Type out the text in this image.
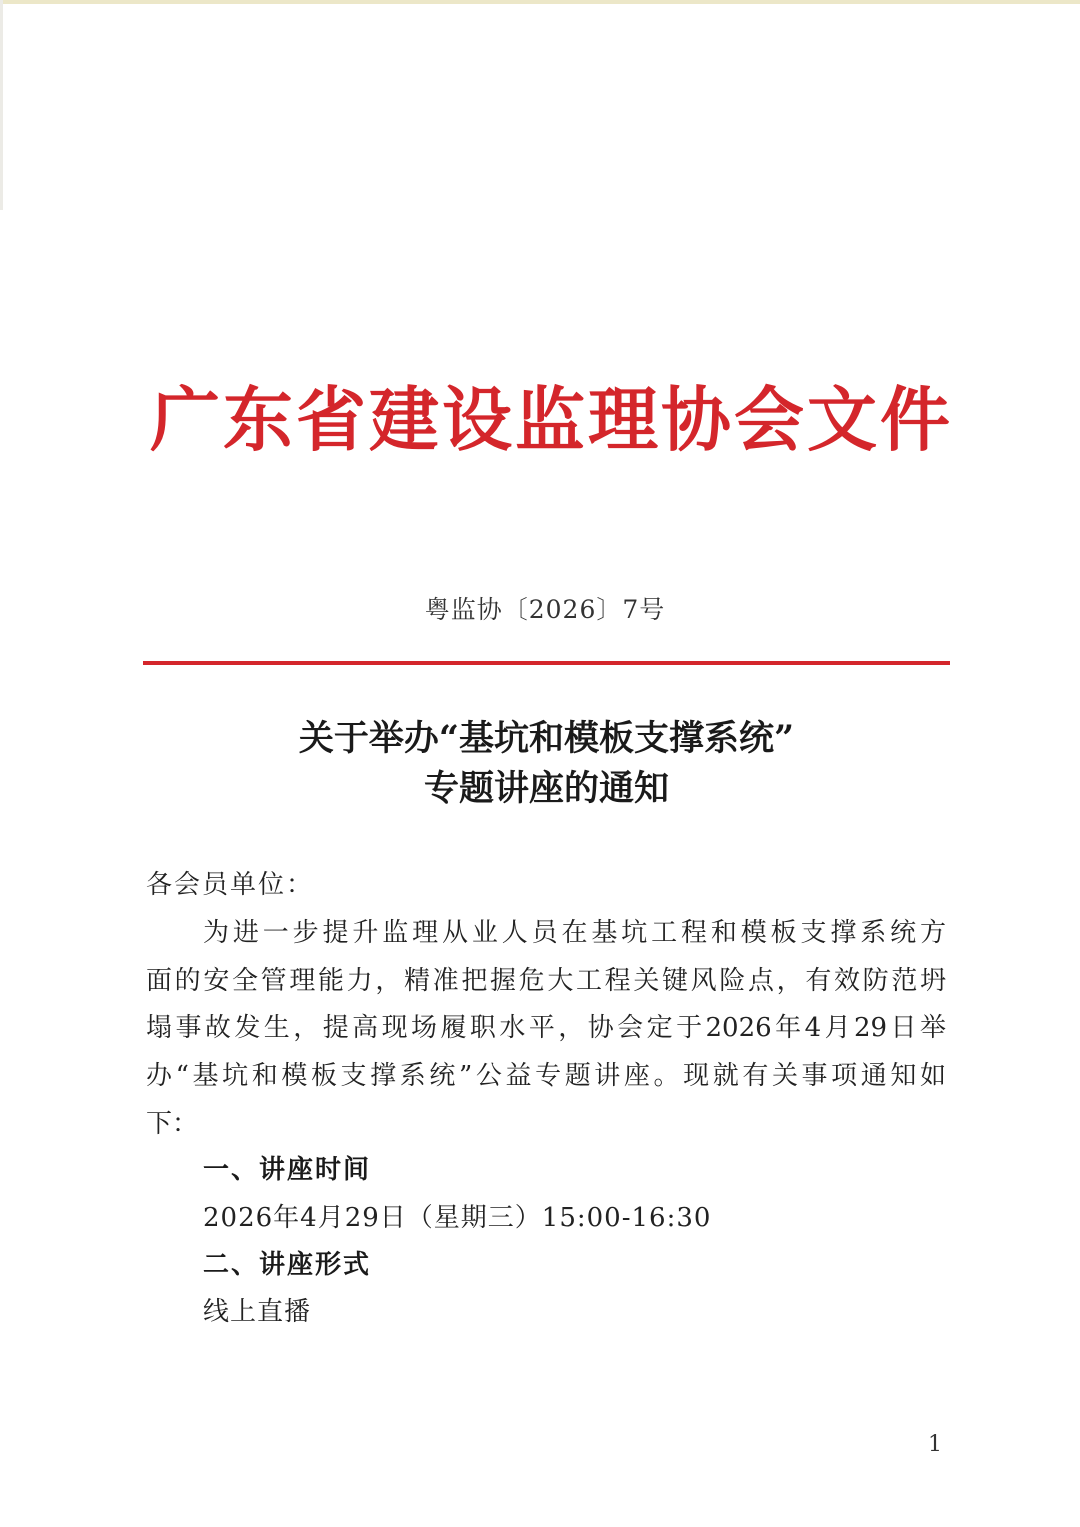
广东省建设监理协会文件
粤监协〔2026〕7号
关于举办“基坑和模板支撑系统”
专题讲座的通知
各会员单位：
为进一步提升监理从业人员在基坑工程和模板支撑系统方
面的安全管理能力，精准把握危大工程关键风险点，有效防范坍
塌事故发生，提高现场履职水平，协会定于2026年4月29日举
办“基坑和模板支撑系统”公益专题讲座。现就有关事项通知如
下：
一、讲座时间
2026年4月29日（星期三）15:00-16:30
二、讲座形式
线上直播
1
